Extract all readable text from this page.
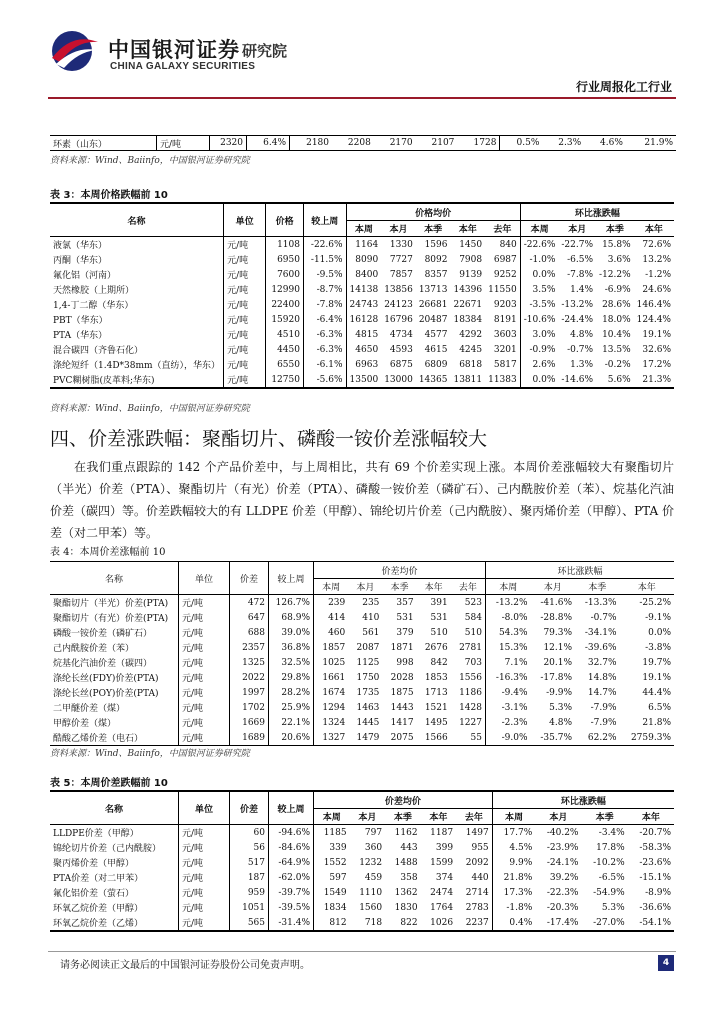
中国银河证券
CHINA GALAXY SECURITIES
研究院
行业周报化工行业
环素（山东）	元/吨	2320	6.4%	2180	2208	2170	2107	1728	0.5%	2.3%	4.6%	21.9%
资料来源：Wind、Baiinfo，中国银河证券研究院
表 3：本周价格跌幅前 10
名称	单位	价格	较上周	价格均价					环比涨跌幅			
				本周	本月	本季	本年	去年	本周	本月	本季	本年
液氯（华东）	元/吨	1108	-22.6%	1164	1330	1596	1450	840	-22.6%	-22.7%	15.8%	72.6%
丙酮（华东）	元/吨	6950	-11.5%	8090	7727	8092	7908	6987	-1.0%	-6.5%	3.6%	13.2%
氟化铝（河南）	元/吨	7600	-9.5%	8400	7857	8357	9139	9252	0.0%	-7.8%	-12.2%	-1.2%
天然橡胶（上期所）	元/吨	12990	-8.7%	14138	13856	13713	14396	11550	3.5%	1.4%	-6.9%	24.6%
1,4-丁二醇（华东）	元/吨	22400	-7.8%	24743	24123	26681	22671	9203	-3.5%	-13.2%	28.6%	146.4%
PBT（华东）	元/吨	15920	-6.4%	16128	16796	20487	18384	8191	-10.6%	-24.4%	18.0%	124.4%
PTA（华东）	元/吨	4510	-6.3%	4815	4734	4577	4292	3603	3.0%	4.8%	10.4%	19.1%
混合碳四（齐鲁石化）	元/吨	4450	-6.3%	4650	4593	4615	4245	3201	-0.9%	-0.7%	13.5%	32.6%
涤纶短纤（1.4D*38mm（直纺），华东）	元/吨	6550	-6.1%	6963	6875	6809	6818	5817	2.6%	1.3%	-0.2%	17.2%
PVC糊树脂(皮革料;华东)	元/吨	12750	-5.6%	13500	13000	14365	13811	11383	0.0%	-14.6%	5.6%	21.3%
资料来源：Wind、Baiinfo，中国银河证券研究院
四、价差涨跌幅：聚酯切片、磷酸一铵价差涨幅较大
在我们重点跟踪的 142 个产品价差中，与上周相比，共有 69 个价差实现上涨。本周价差涨幅较大有聚酯切片（半光）价差（PTA）、聚酯切片（有光）价差（PTA）、磷酸一铵价差（磷矿石）、己内酰胺价差（苯）、烷基化汽油价差（碳四）等。价差跌幅较大的有 LLDPE 价差（甲醇）、锦纶切片价差（己内酰胺）、聚丙烯价差（甲醇）、PTA 价差（对二甲苯）等。
表 4：本周价差涨幅前 10
名称	单位	价差	较上周	价差均价					环比涨跌幅			
				本周	本月	本季	本年	去年	本周	本月	本季	本年
聚酯切片（半光）价差(PTA)	元/吨	472	126.7%	239	235	357	391	523	-13.2%	-41.6%	-13.3%	-25.2%
聚酯切片（有光）价差(PTA)	元/吨	647	68.9%	414	410	531	531	584	-8.0%	-28.8%	-0.7%	-9.1%
磷酸一铵价差（磷矿石）	元/吨	688	39.0%	460	561	379	510	510	54.3%	79.3%	-34.1%	0.0%
己内酰胺价差（苯）	元/吨	2357	36.8%	1857	2087	1871	2676	2781	15.3%	12.1%	-39.6%	-3.8%
烷基化汽油价差（碳四）	元/吨	1325	32.5%	1025	1125	998	842	703	7.1%	20.1%	32.7%	19.7%
涤纶长丝(FDY)价差(PTA)	元/吨	2022	29.8%	1661	1750	2028	1853	1556	-16.3%	-17.8%	14.8%	19.1%
涤纶长丝(POY)价差(PTA)	元/吨	1997	28.2%	1674	1735	1875	1713	1186	-9.4%	-9.9%	14.7%	44.4%
二甲醚价差（煤）	元/吨	1702	25.9%	1294	1463	1443	1521	1428	-3.1%	5.3%	-7.9%	6.5%
甲醇价差（煤）	元/吨	1669	22.1%	1324	1445	1417	1495	1227	-2.3%	4.8%	-7.9%	21.8%
酷酸乙烯价差（电石）	元/吨	1689	20.6%	1327	1479	2075	1566	55	-9.0%	-35.7%	62.2%	2759.3%
资料来源：Wind、Baiinfo，中国银河证券研究院
表 5：本周价差跌幅前 10
名称	单位	价差	较上周	价差均价					环比涨跌幅			
				本周	本月	本季	本年	去年	本周	本月	本季	本年
LLDPE价差（甲醇）	元/吨	60	-94.6%	1185	797	1162	1187	1497	17.7%	-40.2%	-3.4%	-20.7%
锦纶切片价差（己内酰胺）	元/吨	56	-84.6%	339	360	443	399	955	4.5%	-23.9%	17.8%	-58.3%
聚丙烯价差（甲醇）	元/吨	517	-64.9%	1552	1232	1488	1599	2092	9.9%	-24.1%	-10.2%	-23.6%
PTA价差（对二甲苯）	元/吨	187	-62.0%	597	459	358	374	440	21.8%	39.2%	-6.5%	-15.1%
氟化铝价差（萤石）	元/吨	959	-39.7%	1549	1110	1362	2474	2714	17.3%	-22.3%	-54.9%	-8.9%
环氧乙烷价差（甲醇）	元/吨	1051	-39.5%	1834	1560	1830	1764	2783	-1.8%	-20.3%	5.3%	-36.6%
环氧乙烷价差（乙烯）	元/吨	565	-31.4%	812	718	822	1026	2237	0.4%	-17.4%	-27.0%	-54.1%
请务必阅读正文最后的中国银河证券股份公司免责声明。	4
